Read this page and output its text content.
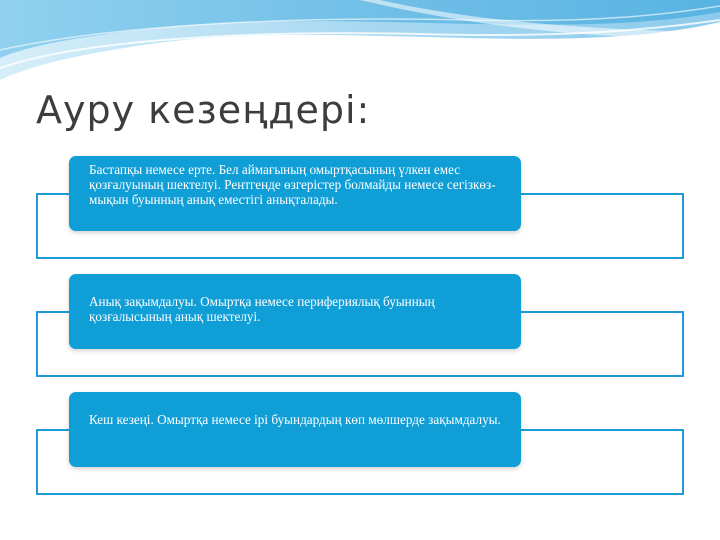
Ауру кезеңдері:

Бастапқы немесе ерте. Бел аймағының омыртқасының үлкен емес қозғалуының шектелуі. Рентгенде өзгерістер болмайды немесе сегізкөз-мықын буынның анық еместігі анықталады.

Анық зақымдалуы. Омыртқа немесе перифериялық буынның қозғалысының анық шектелуі.

Кеш кезеңі. Омыртқа немесе ірі буындардың көп мөлшерде зақымдалуы.
